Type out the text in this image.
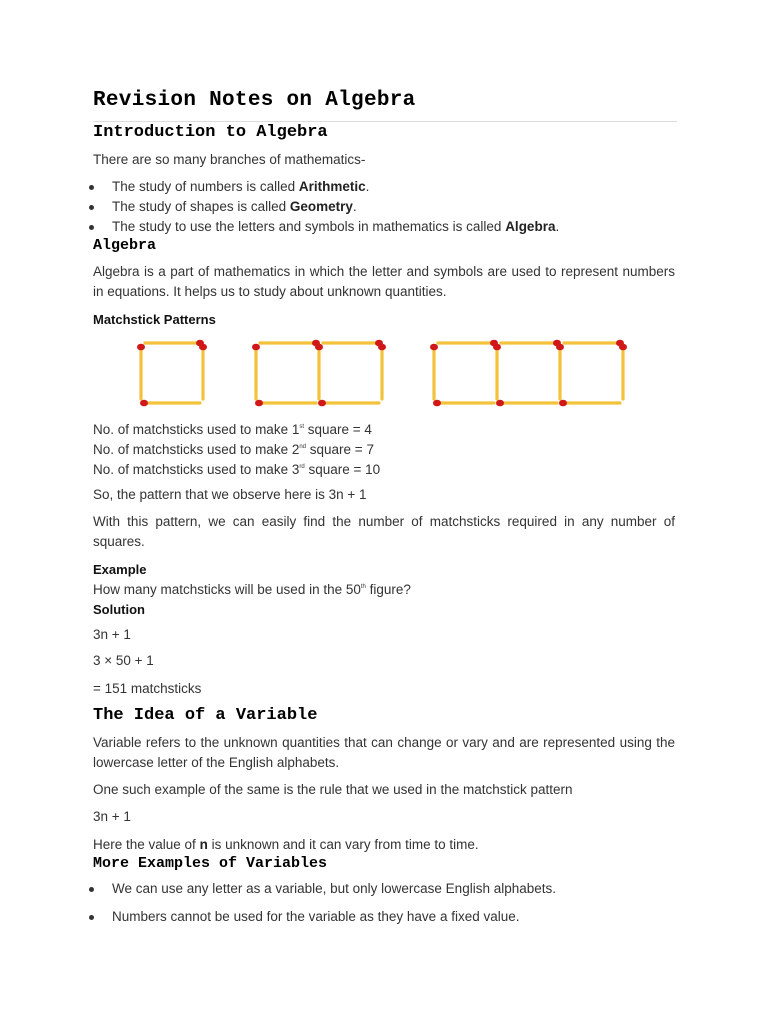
Revision Notes on Algebra
Introduction to Algebra
There are so many branches of mathematics-
The study of numbers is called Arithmetic.
The study of shapes is called Geometry.
The study to use the letters and symbols in mathematics is called Algebra.
Algebra
Algebra is a part of mathematics in which the letter and symbols are used to represent numbers in equations. It helps us to study about unknown quantities.
Matchstick Patterns
No. of matchsticks used to make 1st square = 4
No. of matchsticks used to make 2nd square = 7
No. of matchsticks used to make 3rd square = 10
So, the pattern that we observe here is 3n + 1
With this pattern, we can easily find the number of matchsticks required in any number of squares.
Example
How many matchsticks will be used in the 50th figure?
Solution
3n + 1
3 × 50 + 1
= 151 matchsticks
The Idea of a Variable
Variable refers to the unknown quantities that can change or vary and are represented using the lowercase letter of the English alphabets.
One such example of the same is the rule that we used in the matchstick pattern
3n + 1
Here the value of n is unknown and it can vary from time to time.
More Examples of Variables
We can use any letter as a variable, but only lowercase English alphabets.
Numbers cannot be used for the variable as they have a fixed value.
